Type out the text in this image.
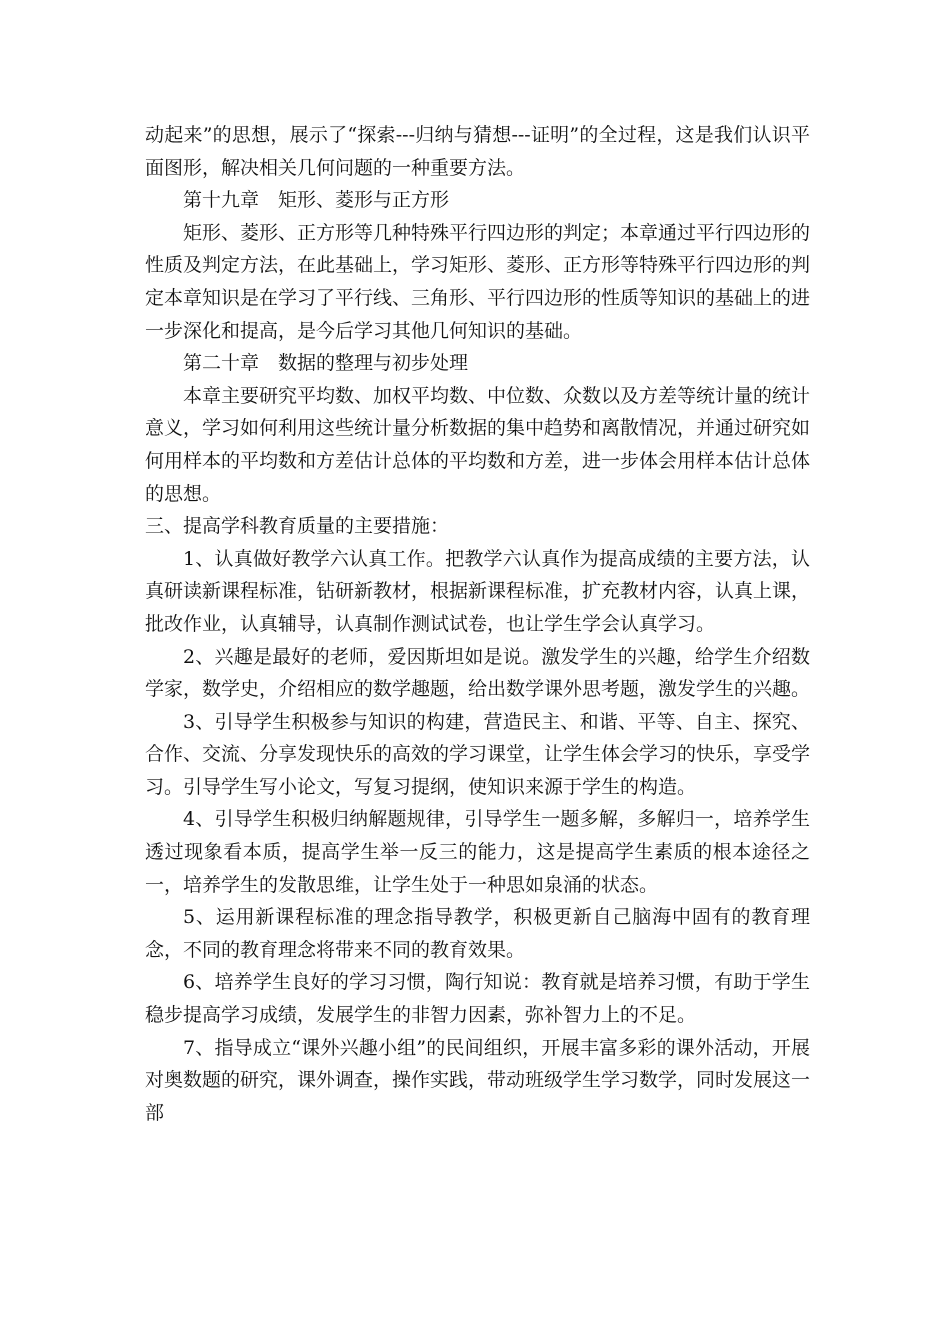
动起来”的思想，展示了“探索---归纳与猜想---证明”的全过程，这是我们认识平面图形，解决相关几何问题的一种重要方法。

第十九章　矩形、菱形与正方形

矩形、菱形、正方形等几种特殊平行四边形的判定；本章通过平行四边形的性质及判定方法，在此基础上，学习矩形、菱形、正方形等特殊平行四边形的判定本章知识是在学习了平行线、三角形、平行四边形的性质等知识的基础上的进一步深化和提高，是今后学习其他几何知识的基础。

第二十章　数据的整理与初步处理

本章主要研究平均数、加权平均数、中位数、众数以及方差等统计量的统计意义，学习如何利用这些统计量分析数据的集中趋势和离散情况，并通过研究如何用样本的平均数和方差估计总体的平均数和方差，进一步体会用样本估计总体的思想。

三、提高学科教育质量的主要措施：

1、认真做好教学六认真工作。把教学六认真作为提高成绩的主要方法，认真研读新课程标准，钻研新教材，根据新课程标准，扩充教材内容，认真上课，批改作业，认真辅导，认真制作测试试卷，也让学生学会认真学习。

2、兴趣是最好的老师，爱因斯坦如是说。激发学生的兴趣，给学生介绍数学家，数学史，介绍相应的数学趣题，给出数学课外思考题，激发学生的兴趣。

3、引导学生积极参与知识的构建，营造民主、和谐、平等、自主、探究、合作、交流、分享发现快乐的高效的学习课堂，让学生体会学习的快乐，享受学习。引导学生写小论文，写复习提纲，使知识来源于学生的构造。

4、引导学生积极归纳解题规律，引导学生一题多解，多解归一，培养学生透过现象看本质，提高学生举一反三的能力，这是提高学生素质的根本途径之一，培养学生的发散思维，让学生处于一种思如泉涌的状态。

5、运用新课程标准的理念指导教学，积极更新自己脑海中固有的教育理念，不同的教育理念将带来不同的教育效果。

6、培养学生良好的学习习惯，陶行知说：教育就是培养习惯，有助于学生稳步提高学习成绩，发展学生的非智力因素，弥补智力上的不足。

7、指导成立“课外兴趣小组”的民间组织，开展丰富多彩的课外活动，开展对奥数题的研究，课外调查，操作实践，带动班级学生学习数学，同时发展这一部
